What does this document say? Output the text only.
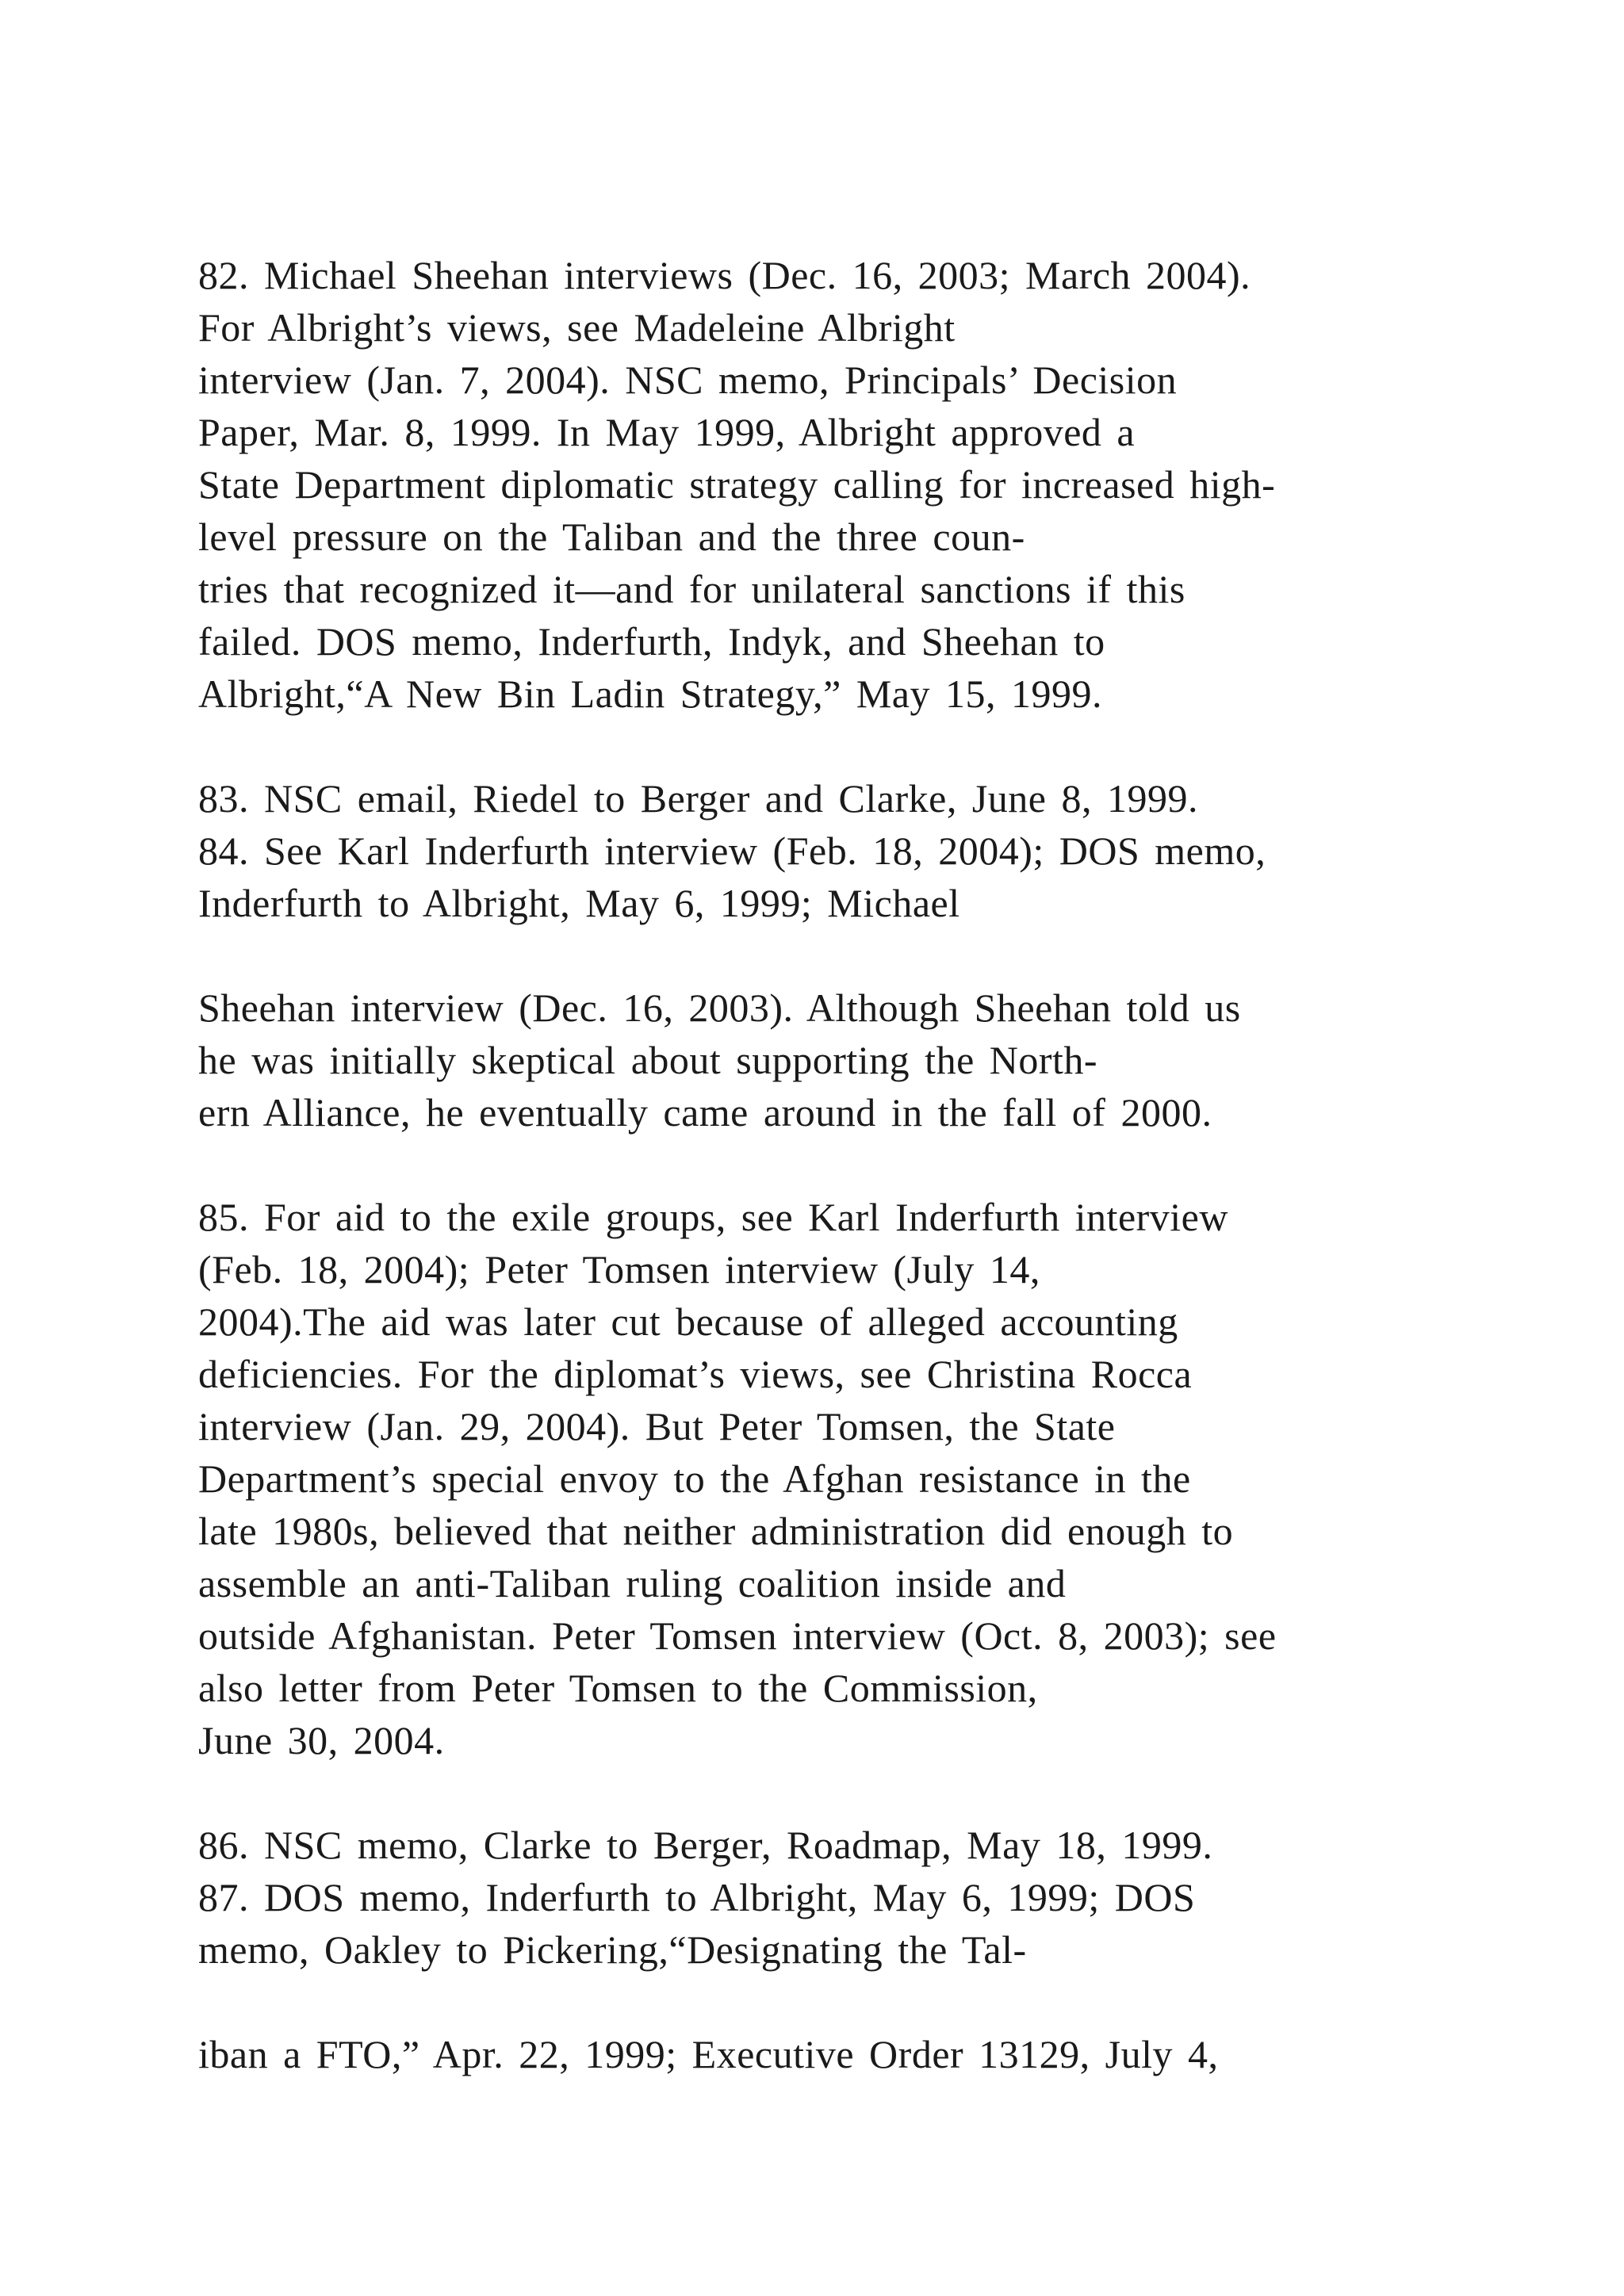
82. Michael Sheehan interviews (Dec. 16, 2003; March 2004).
For Albright’s views, see Madeleine Albright
interview (Jan. 7, 2004). NSC memo, Principals’ Decision
Paper, Mar. 8, 1999. In May 1999, Albright approved a
State Department diplomatic strategy calling for increased high-
level pressure on the Taliban and the three coun-
tries that recognized it—and for unilateral sanctions if this
failed. DOS memo, Inderfurth, Indyk, and Sheehan to
Albright,“A New Bin Ladin Strategy,” May 15, 1999.
83. NSC email, Riedel to Berger and Clarke, June 8, 1999.
84. See Karl Inderfurth interview (Feb. 18, 2004); DOS memo,
Inderfurth to Albright, May 6, 1999; Michael
Sheehan interview (Dec. 16, 2003). Although Sheehan told us
he was initially skeptical about supporting the North-
ern Alliance, he eventually came around in the fall of 2000.
85. For aid to the exile groups, see Karl Inderfurth interview
(Feb. 18, 2004); Peter Tomsen interview (July 14,
2004).The aid was later cut because of alleged accounting
deficiencies. For the diplomat’s views, see Christina Rocca
interview (Jan. 29, 2004). But Peter Tomsen, the State
Department’s special envoy to the Afghan resistance in the
late 1980s, believed that neither administration did enough to
assemble an anti-Taliban ruling coalition inside and
outside Afghanistan. Peter Tomsen interview (Oct. 8, 2003); see
also letter from Peter Tomsen to the Commission,
June 30, 2004.
86. NSC memo, Clarke to Berger, Roadmap, May 18, 1999.
87. DOS memo, Inderfurth to Albright, May 6, 1999; DOS
memo, Oakley to Pickering,“Designating the Tal-
iban a FTO,” Apr. 22, 1999; Executive Order 13129, July 4,
